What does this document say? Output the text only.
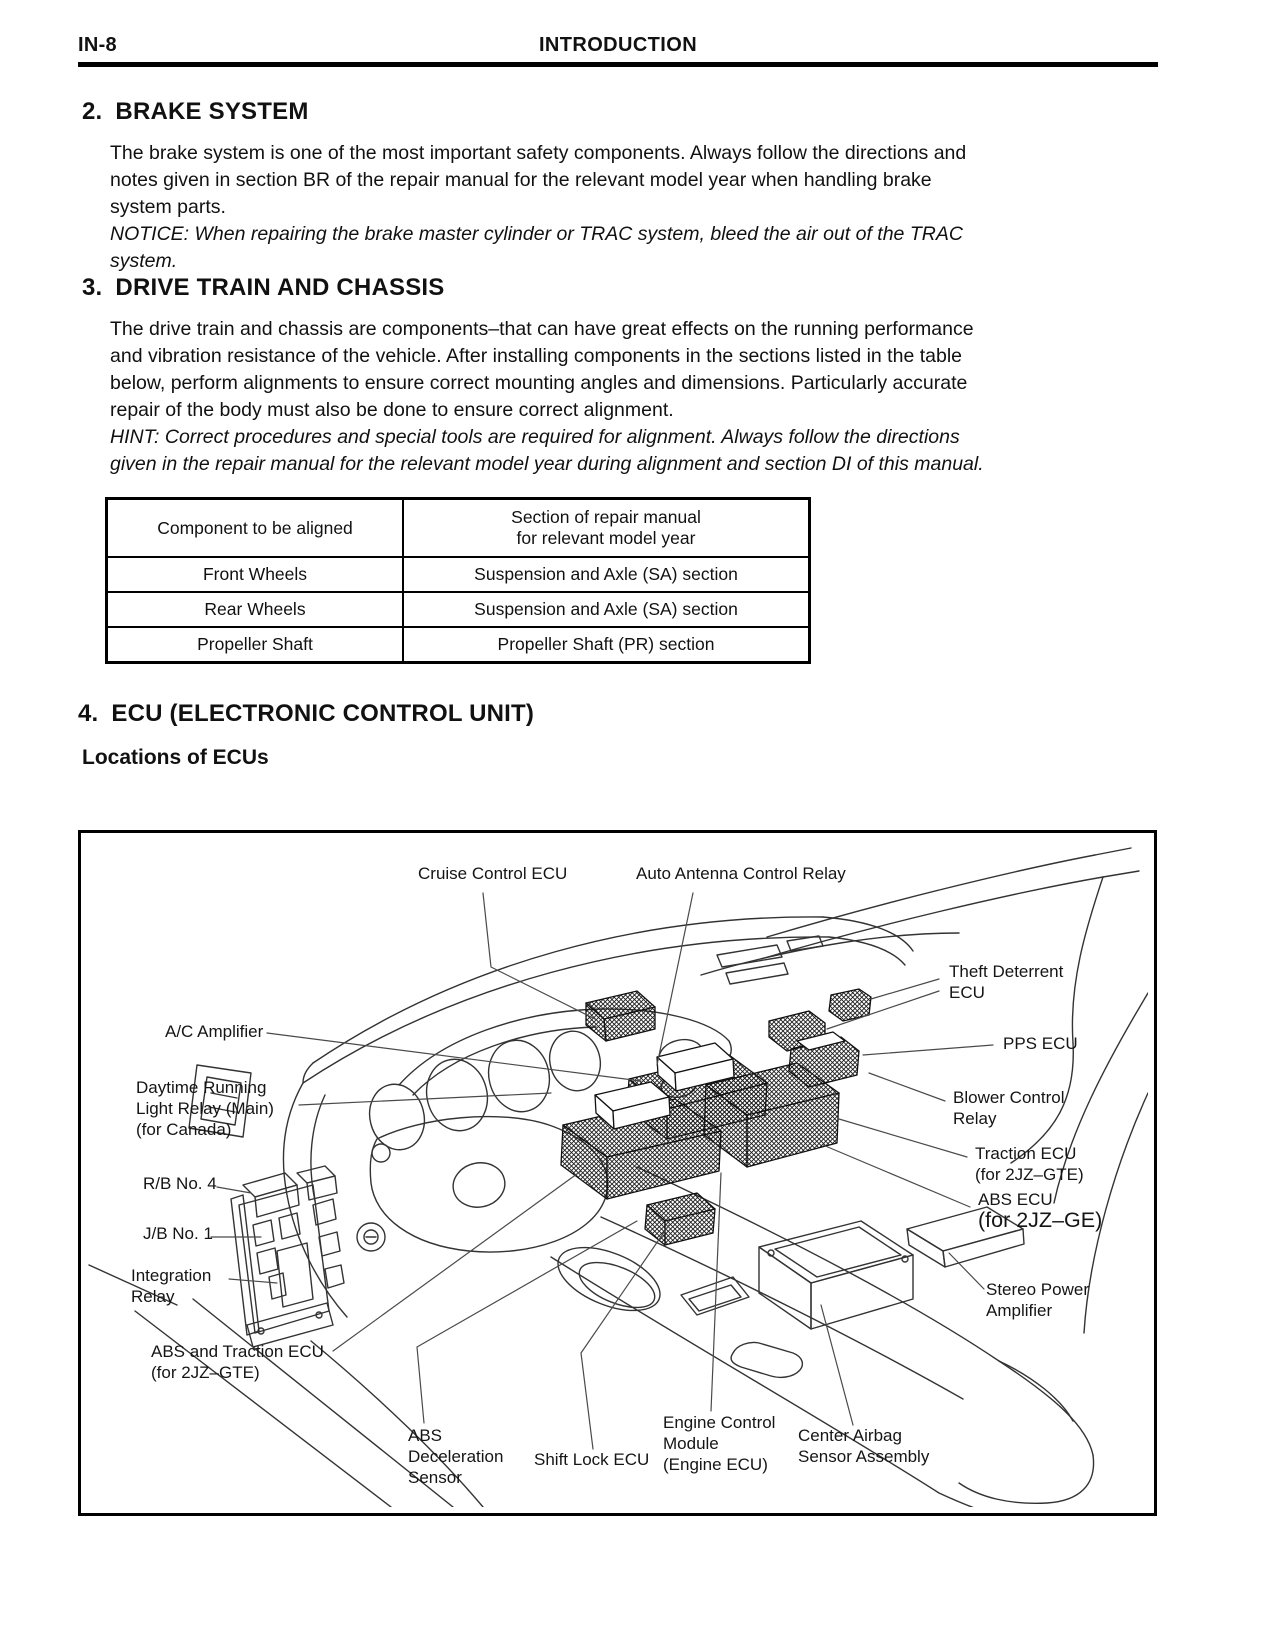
IN-8	INTRODUCTION
2. BRAKE SYSTEM
The brake system is one of the most important safety components. Always follow the directions and
notes given in section BR of the repair manual for the relevant model year when handling brake
system parts.
NOTICE: When repairing the brake master cylinder or TRAC system, bleed the air out of the TRAC
system.
3. DRIVE TRAIN AND CHASSIS
The drive train and chassis are components–that can have great effects on the running performance
and vibration resistance of the vehicle. After installing components in the sections listed in the table
below, perform alignments to ensure correct mounting angles and dimensions. Particularly accurate
repair of the body must also be done to ensure correct alignment.
HINT: Correct procedures and special tools are required for alignment. Always follow the directions
given in the repair manual for the relevant model year during alignment and section DI of this manual.
Component to be aligned	Section of repair manual
for relevant model year

Front Wheels	Suspension and Axle (SA) section
Rear Wheels	Suspension and Axle (SA) section
Propeller Shaft	Propeller Shaft (PR) section
4. ECU (ELECTRONIC CONTROL UNIT)
Locations of ECUs
Cruise Control ECU	Auto Antenna Control Relay
Theft Deterrent
ECU
PPS ECU
A/C Amplifier
Daytime Running
Light Relay (Main)
(for Canada)
Blower Control
Relay
Traction ECU
(for 2JZ–GTE)
ABS ECU
(for 2JZ–GE)
R/B No. 4
J/B No. 1
Integration
Relay	Stereo Power
Amplifier
ABS and Traction ECU
(for 2JZ–GTE)
ABS
Deceleration
Sensor
Shift Lock ECU
Engine Control
Module
(Engine ECU)
Center Airbag
Sensor Assembly
